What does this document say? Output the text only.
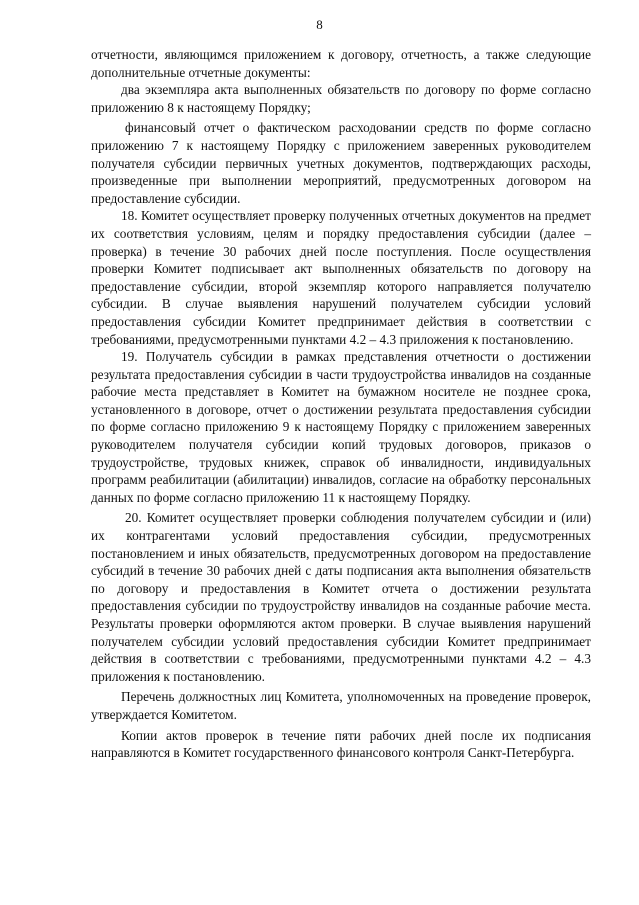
8

отчетности, являющимся приложением к договору, отчетность, а также следующие дополнительные отчетные документы:

два экземпляра акта выполненных обязательств по договору по форме согласно приложению 8 к настоящему Порядку;

финансовый отчет о фактическом расходовании средств по форме согласно приложению 7 к настоящему Порядку с приложением заверенных руководителем получателя субсидии первичных учетных документов, подтверждающих расходы, произведенные при выполнении мероприятий, предусмотренных договором на предоставление субсидии.

18. Комитет осуществляет проверку полученных отчетных документов на предмет их соответствия условиям, целям и порядку предоставления субсидии (далее – проверка) в течение 30 рабочих дней после поступления. После осуществления проверки Комитет подписывает акт выполненных обязательств по договору на предоставление субсидии, второй экземпляр которого направляется получателю субсидии. В случае выявления нарушений получателем субсидии условий предоставления субсидии Комитет предпринимает действия в соответствии с требованиями, предусмотренными пунктами 4.2 – 4.3 приложения к постановлению.

19. Получатель субсидии в рамках представления отчетности о достижении результата предоставления субсидии в части трудоустройства инвалидов на созданные рабочие места представляет в Комитет на бумажном носителе не позднее срока, установленного в договоре, отчет о достижении результата предоставления субсидии по форме согласно приложению 9 к настоящему Порядку с приложением заверенных руководителем получателя субсидии копий трудовых договоров, приказов о трудоустройстве, трудовых книжек, справок об инвалидности, индивидуальных программ реабилитации (абилитации) инвалидов, согласие на обработку персональных данных по форме согласно приложению 11 к настоящему Порядку.

20. Комитет осуществляет проверки соблюдения получателем субсидии и (или) их контрагентами условий предоставления субсидии, предусмотренных постановлением и иных обязательств, предусмотренных договором на предоставление субсидий в течение 30 рабочих дней с даты подписания акта выполнения обязательств по договору и предоставления в Комитет отчета о достижении результата предоставления субсидии по трудоустройству инвалидов на созданные рабочие места. Результаты проверки оформляются актом проверки. В случае выявления нарушений получателем субсидии условий предоставления субсидии Комитет предпринимает действия в соответствии с требованиями, предусмотренными пунктами 4.2 – 4.3 приложения к постановлению.

Перечень должностных лиц Комитета, уполномоченных на проведение проверок, утверждается Комитетом.

Копии актов проверок в течение пяти рабочих дней после их подписания направляются в Комитет государственного финансового контроля Санкт-Петербурга.
